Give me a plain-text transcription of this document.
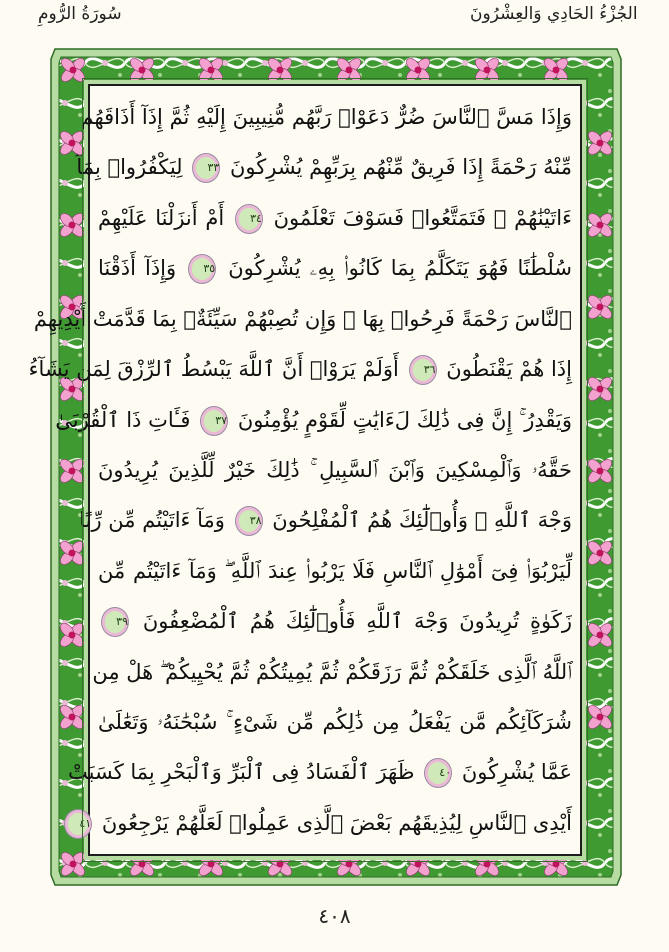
الجُزْءُ الحَادِي وَالعِشْرُونَ
سُورَةُ الرُّومِ
وَإِذَا مَسَّ ٱلنَّاسَ ضُرٌّ دَعَوْا۟ رَبَّهُم مُّنِيبِينَ إِلَيْهِ ثُمَّ إِذَآ أَذَاقَهُم
مِّنْهُ رَحْمَةً إِذَا فَرِيقٌ مِّنْهُم بِرَبِّهِمْ يُشْرِكُونَ ٣٣ لِيَكْفُرُوا۟ بِمَآ
ءَاتَيْنَٰهُمْ ۚ فَتَمَتَّعُوا۟ فَسَوْفَ تَعْلَمُونَ ٣٤ أَمْ أَنزَلْنَا عَلَيْهِمْ
سُلْطَٰنًا فَهُوَ يَتَكَلَّمُ بِمَا كَانُوا۟ بِهِۦ يُشْرِكُونَ ٣٥ وَإِذَآ أَذَقْنَا
ٱلنَّاسَ رَحْمَةً فَرِحُوا۟ بِهَا ۖ وَإِن تُصِبْهُمْ سَيِّئَةٌۢ بِمَا قَدَّمَتْ أَيْدِيهِمْ
إِذَا هُمْ يَقْنَطُونَ ٣٦ أَوَلَمْ يَرَوْا۟ أَنَّ ٱللَّهَ يَبْسُطُ ٱلرِّزْقَ لِمَن يَشَآءُ
وَيَقْدِرُ ۚ إِنَّ فِى ذَٰلِكَ لَءَايَٰتٍ لِّقَوْمٍ يُؤْمِنُونَ ٣٧ فَـَٔاتِ ذَا ٱلْقُرْبَىٰ
حَقَّهُۥ وَٱلْمِسْكِينَ وَٱبْنَ ٱلسَّبِيلِ ۚ ذَٰلِكَ خَيْرٌ لِّلَّذِينَ يُرِيدُونَ
وَجْهَ ٱللَّهِ ۖ وَأُو۟لَٰٓئِكَ هُمُ ٱلْمُفْلِحُونَ ٣٨ وَمَآ ءَاتَيْتُم مِّن رِّبًا
لِّيَرْبُوَا۟ فِىٓ أَمْوَٰلِ ٱلنَّاسِ فَلَا يَرْبُوا۟ عِندَ ٱللَّهِ ۖ وَمَآ ءَاتَيْتُم مِّن
زَكَوٰةٍ تُرِيدُونَ وَجْهَ ٱللَّهِ فَأُو۟لَٰٓئِكَ هُمُ ٱلْمُضْعِفُونَ ٣٩
ٱللَّهُ ٱلَّذِى خَلَقَكُمْ ثُمَّ رَزَقَكُمْ ثُمَّ يُمِيتُكُمْ ثُمَّ يُحْيِيكُمْ ۖ هَلْ مِن
شُرَكَآئِكُم مَّن يَفْعَلُ مِن ذَٰلِكُم مِّن شَىْءٍ ۚ سُبْحَٰنَهُۥ وَتَعَٰلَىٰ
عَمَّا يُشْرِكُونَ ٤٠ ظَهَرَ ٱلْفَسَادُ فِى ٱلْبَرِّ وَٱلْبَحْرِ بِمَا كَسَبَتْ
أَيْدِى ٱلنَّاسِ لِيُذِيقَهُم بَعْضَ ٱلَّذِى عَمِلُوا۟ لَعَلَّهُمْ يَرْجِعُونَ ٤١
٤٠٨
